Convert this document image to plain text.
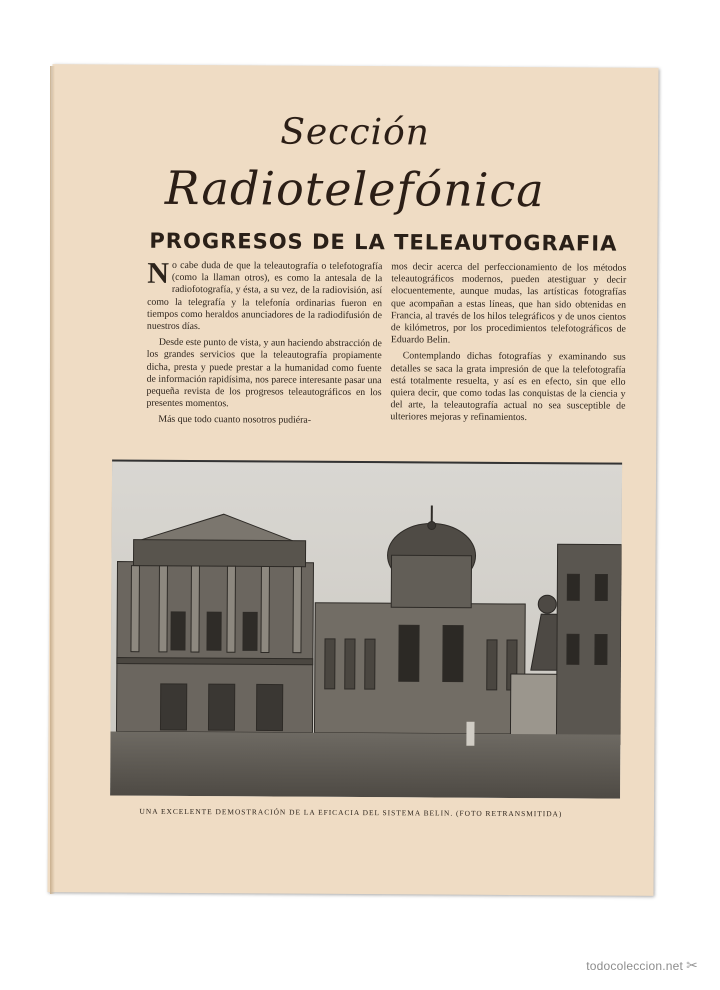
Sección
Radiotelefónica
PROGRESOS DE LA TELEAUTOGRAFIA

No cabe duda de que la teleautografía o telefotografía (como la llaman otros), es como la antesala de la radiofotografía, y ésta, a su vez, de la radiovisión, así como la telegrafía y la telefonía ordinarias fueron en tiempos como heraldos anunciadores de la radiodifusión de nuestros días.

Desde este punto de vista, y aun haciendo abstracción de los grandes servicios que la teleautografía propiamente dicha, presta y puede prestar a la humanidad como fuente de información rapidísima, nos parece interesante pasar una pequeña revista de los progresos teleautográficos en los presentes momentos.

Más que todo cuanto nosotros pudiéra-

mos decir acerca del perfeccionamiento de los métodos teleautográficos modernos, pueden atestiguar y decir elocuentemente, aunque mudas, las artísticas fotografías que acompañan a estas líneas, que han sido obtenidas en Francia, al través de los hilos telegráficos y de unos cientos de kilómetros, por los procedimientos telefotográficos de Eduardo Belin.

Contemplando dichas fotografías y examinando sus detalles se saca la grata impresión de que la telefotografía está totalmente resuelta, y así es en efecto, sin que ello quiera decir, que como todas las conquistas de la ciencia y del arte, la teleautografía actual no sea susceptible de ulteriores mejoras y refinamientos.

UNA EXCELENTE DEMOSTRACIÓN DE LA EFICACIA DEL SISTEMA BELIN. (FOTO RETRANSMITIDA)
todocoleccion.net ✂
